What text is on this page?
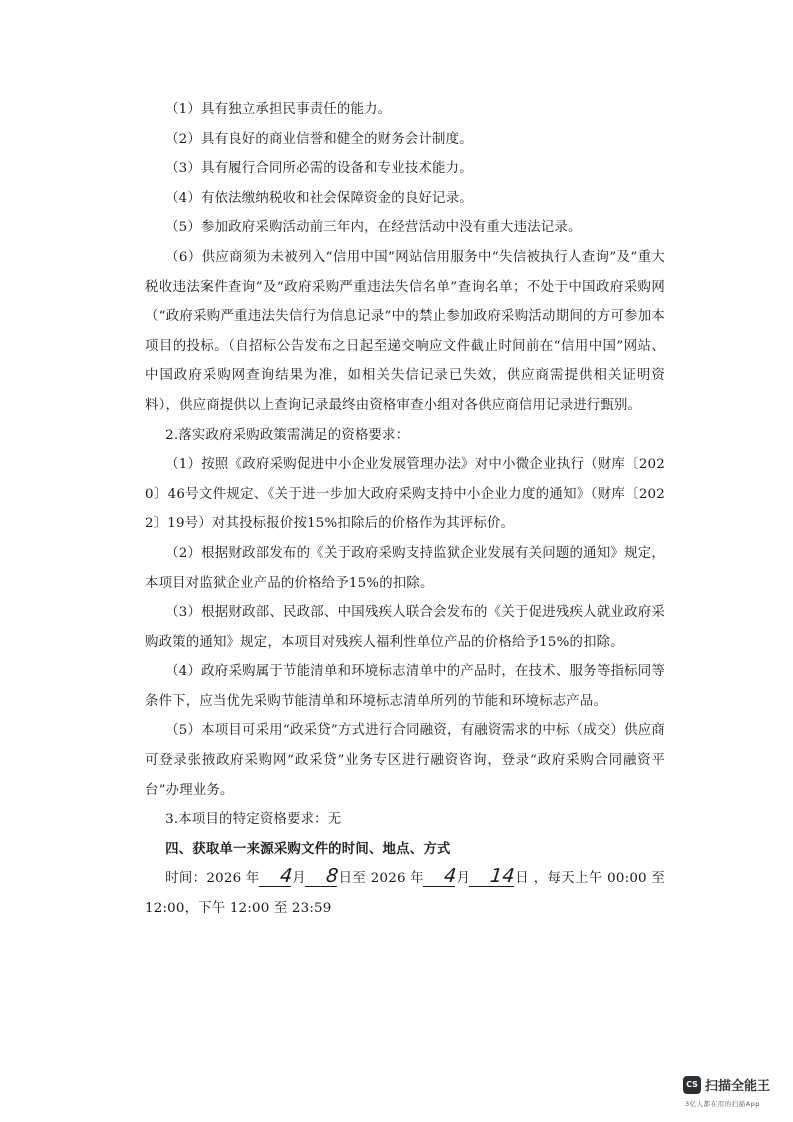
（1）具有独立承担民事责任的能力。

（2）具有良好的商业信誉和健全的财务会计制度。

（3）具有履行合同所必需的设备和专业技术能力。

（4）有依法缴纳税收和社会保障资金的良好记录。

（5）参加政府采购活动前三年内，在经营活动中没有重大违法记录。

（6）供应商须为未被列入“信用中国”网站信用服务中“失信被执行人查询”及“重大税收违法案件查询”及“政府采购严重违法失信名单”查询名单；不处于中国政府采购网（“政府采购严重违法失信行为信息记录”中的禁止参加政府采购活动期间的方可参加本项目的投标。（自招标公告发布之日起至递交响应文件截止时间前在“信用中国”网站、中国政府采购网查询结果为准，如相关失信记录已失效，供应商需提供相关证明资料），供应商提供以上查询记录最终由资格审查小组对各供应商信用记录进行甄别。

2.落实政府采购政策需满足的资格要求：

（1）按照《政府采购促进中小企业发展管理办法》对中小微企业执行（财库〔2020〕46号文件规定、《关于进一步加大政府采购支持中小企业力度的通知》（财库〔2022〕19号）对其投标报价按15%扣除后的价格作为其评标价。

（2）根据财政部发布的《关于政府采购支持监狱企业发展有关问题的通知》规定，本项目对监狱企业产品的价格给予15%的扣除。

（3）根据财政部、民政部、中国残疾人联合会发布的《关于促进残疾人就业政府采购政策的通知》规定，本项目对残疾人福利性单位产品的价格给予15%的扣除。

（4）政府采购属于节能清单和环境标志清单中的产品时，在技术、服务等指标同等条件下，应当优先采购节能清单和环境标志清单所列的节能和环境标志产品。

（5）本项目可采用“政采贷”方式进行合同融资，有融资需求的中标（成交）供应商可登录张掖政府采购网“政采贷”业务专区进行融资咨询，登录“政府采购合同融资平台”办理业务。

3.本项目的特定资格要求：无

四、获取单一来源采购文件的时间、地点、方式

时间：2026 年 4月 8日至 2026 年 4月 14日 ，每天上午 00:00 至 12:00，下午 12:00 至 23:59

CS 扫描全能王
3亿人都在用的扫描App
